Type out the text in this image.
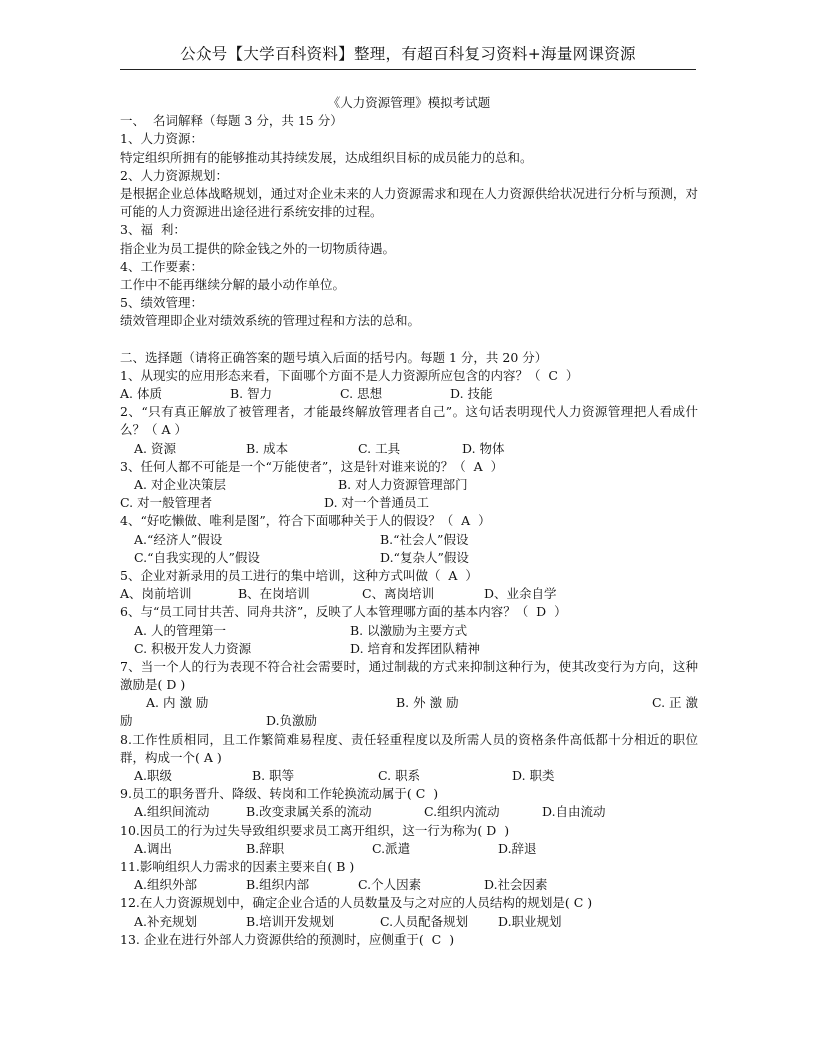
公众号【大学百科资料】整理，有超百科复习资料+海量网课资源
《人力资源管理》模拟考试题
一、  名词解释（每题 3 分，共 15 分）
1、人力资源：
特定组织所拥有的能够推动其持续发展，达成组织目标的成员能力的总和。
2、人力资源规划：
是根据企业总体战略规划，通过对企业未来的人力资源需求和现在人力资源供给状况进行分析与预测，对可能的人力资源进出途径进行系统安排的过程。
3、福  利：
指企业为员工提供的除金钱之外的一切物质待遇。
4、工作要素：
工作中不能再继续分解的最小动作单位。
5、绩效管理：
绩效管理即企业对绩效系统的管理过程和方法的总和。
二、选择题（请将正确答案的题号填入后面的括号内。每题 1 分，共 20 分）
1、从现实的应用形态来看，下面哪个方面不是人力资源所应包含的内容？（  C  ）
A. 体质	B. 智力	C. 思想	D. 技能
2、“只有真正解放了被管理者，才能最终解放管理者自己”。这句话表明现代人力资源管理把人看成什么？（ A ）
A. 资源	B. 成本	C. 工具	D. 物体
3、任何人都不可能是一个“万能使者”，这是针对谁来说的？（  A  ）
A. 对企业决策层	B. 对人力资源管理部门
C. 对一般管理者	D. 对一个普通员工
4、“好吃懒做、唯利是图”，符合下面哪种关于人的假设？（  A  ）
A.“经济人”假设	B.“社会人”假设
C.“自我实现的人”假设	D.“复杂人”假设
5、企业对新录用的员工进行的集中培训，这种方式叫做（  A  ）
A、岗前培训	B、在岗培训	C、离岗培训	D、业余自学
6、与“员工同甘共苦、同舟共济”，反映了人本管理哪方面的基本内容？（  D  ）
A. 人的管理第一	B. 以激励为主要方式
C. 积极开发人力资源	D. 培育和发挥团队精神
7、当一个人的行为表现不符合社会需要时，通过制裁的方式来抑制这种行为，使其改变行为方向，这种激励是( D )
A. 内 激 励	B. 外 激 励	C. 正 激
励	D.负激励
8.工作性质相同，且工作繁简难易程度、责任轻重程度以及所需人员的资格条件高低都十分相近的职位群，构成一个( A )
A.职级	B. 职等	C. 职系	D. 职类
9.员工的职务晋升、降级、转岗和工作轮换流动属于( C  )
A.组织间流动	B.改变隶属关系的流动	C.组织内流动	D.自由流动
10.因员工的行为过失导致组织要求员工离开组织，这一行为称为( D  )
A.调出	B.辞职	C.派遣	D.辞退
11.影响组织人力需求的因素主要来自( B )
A.组织外部	B.组织内部	C.个人因素	D.社会因素
12.在人力资源规划中，确定企业合适的人员数量及与之对应的人员结构的规划是( C )
A.补充规划	B.培训开发规划	C.人员配备规划	D.职业规划
13. 企业在进行外部人力资源供给的预测时，应侧重于(  C  )
